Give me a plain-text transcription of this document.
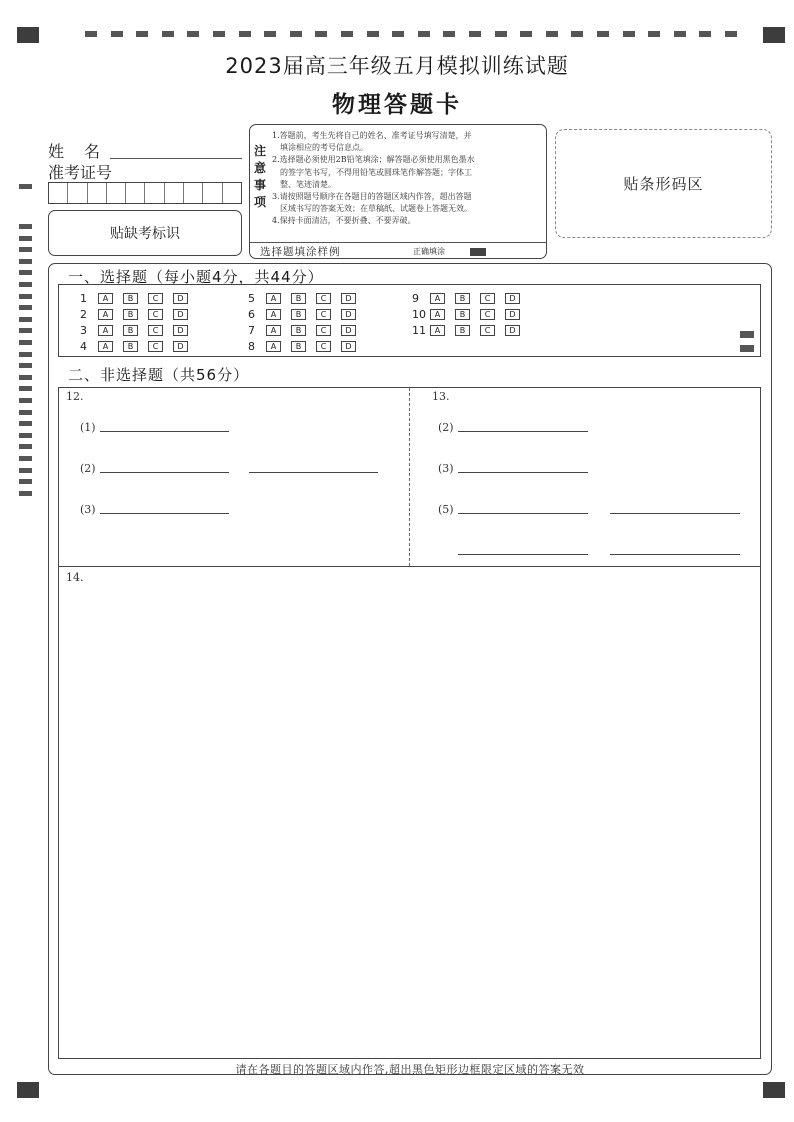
2023届高三年级五月模拟训练试题
物理答题卡
姓　名
准考证号
贴缺考标识
注意事项
1.答题前，考生先将自己的姓名、准考证号填写清楚，并
　填涂相应的考号信息点。
2.选择题必须使用2B铅笔填涂；解答题必须使用黑色墨水
　的签字笔书写，不得用铅笔或圆珠笔作解答题；字体工
　整、笔迹清楚。
3.请按照题号顺序在各题目的答题区域内作答，超出答题
　区域书写的答案无效；在草稿纸、试题卷上答题无效。
4.保持卡面清洁，不要折叠、不要弄破。
选择题填涂样例	正确填涂
贴条形码区
一、选择题（每小题4分，共44分）
1	A	B	C	D
2	A	B	C	D
3	A	B	C	D
4	A	B	C	D
5	A	B	C	D
6	A	B	C	D
7	A	B	C	D
8	A	B	C	D
9	A	B	C	D
10	A	B	C	D
11	A	B	C	D
二、非选择题（共56分）
12.
(1)
(2)
(3)
13.
(2)
(3)
(5)
14.
请在各题目的答题区域内作答,超出黑色矩形边框限定区域的答案无效
